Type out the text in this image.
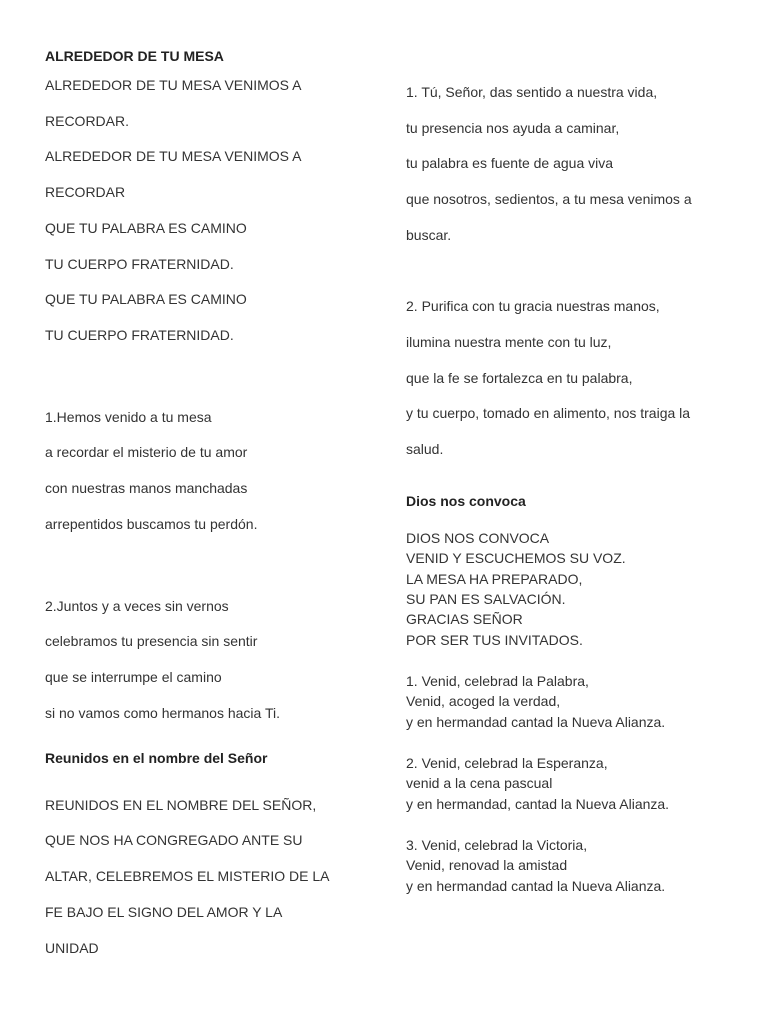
ALREDEDOR DE TU MESA
ALREDEDOR DE TU MESA VENIMOS A
RECORDAR.
ALREDEDOR DE TU MESA VENIMOS A
RECORDAR
QUE TU PALABRA ES CAMINO
TU CUERPO FRATERNIDAD.
QUE TU PALABRA ES CAMINO
TU CUERPO FRATERNIDAD.
1.Hemos venido a tu mesa
a recordar el misterio de tu amor
con nuestras manos manchadas
arrepentidos buscamos tu perdón.
2.Juntos y a veces sin vernos
celebramos tu presencia sin sentir
que se interrumpe el camino
si no vamos como hermanos hacia Ti.
Reunidos en el nombre del Señor
REUNIDOS EN EL NOMBRE DEL SEÑOR,
QUE NOS HA CONGREGADO ANTE SU
ALTAR, CELEBREMOS EL MISTERIO DE LA
FE BAJO EL SIGNO DEL AMOR Y LA
UNIDAD
1. Tú, Señor, das sentido a nuestra vida,
tu presencia nos ayuda a caminar,
tu palabra es fuente de agua viva
que nosotros, sedientos, a tu mesa venimos a
buscar.
2. Purifica con tu gracia nuestras manos,
ilumina nuestra mente con tu luz,
que la fe se fortalezca en tu palabra,
y tu cuerpo, tomado en alimento, nos traiga la
salud.
Dios nos convoca
DIOS NOS CONVOCA
VENID Y ESCUCHEMOS SU VOZ.
LA MESA HA PREPARADO,
SU PAN ES SALVACIÓN.
GRACIAS SEÑOR
POR SER TUS INVITADOS.
1. Venid, celebrad la Palabra,
Venid, acoged la verdad,
y en hermandad cantad la Nueva Alianza.
2. Venid, celebrad la Esperanza,
venid a la cena pascual
y en hermandad, cantad la Nueva Alianza.
3. Venid, celebrad la Victoria,
Venid, renovad la amistad
y en hermandad cantad la Nueva Alianza.
